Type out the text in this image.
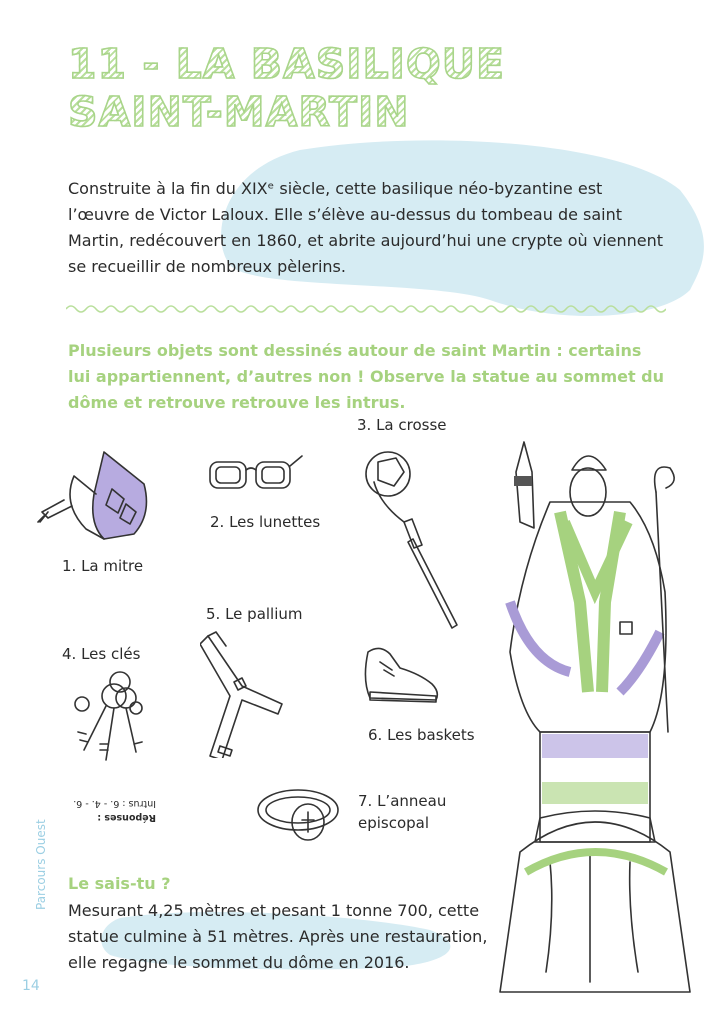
11 - LA BASILIQUE
SAINT-MARTIN
Construite à la fin du XIXᵉ siècle, cette basilique néo-byzantine est l’œuvre de Victor Laloux. Elle s’élève au-dessus du tombeau de saint Martin, redécouvert en 1860, et abrite aujourd’hui une crypte où viennent se recueillir de nombreux pèlerins.
Plusieurs objets sont dessinés autour de saint Martin : certains lui appartiennent, d’autres non ! Observe la statue au sommet du dôme et retrouve retrouve les intrus.
1. La mitre
2. Les lunettes
3. La crosse
4. Les clés
5. Le pallium
6. Les baskets
7. L’anneau
episcopal
Réponses :
Intrus : 6. - 4. - 6.
Le sais-tu ?
Mesurant 4,25 mètres et pesant 1 tonne 700, cette statue culmine à 51 mètres. Après une restauration, elle regagne le sommet du dôme en 2016.
Parcours Ouest
14
